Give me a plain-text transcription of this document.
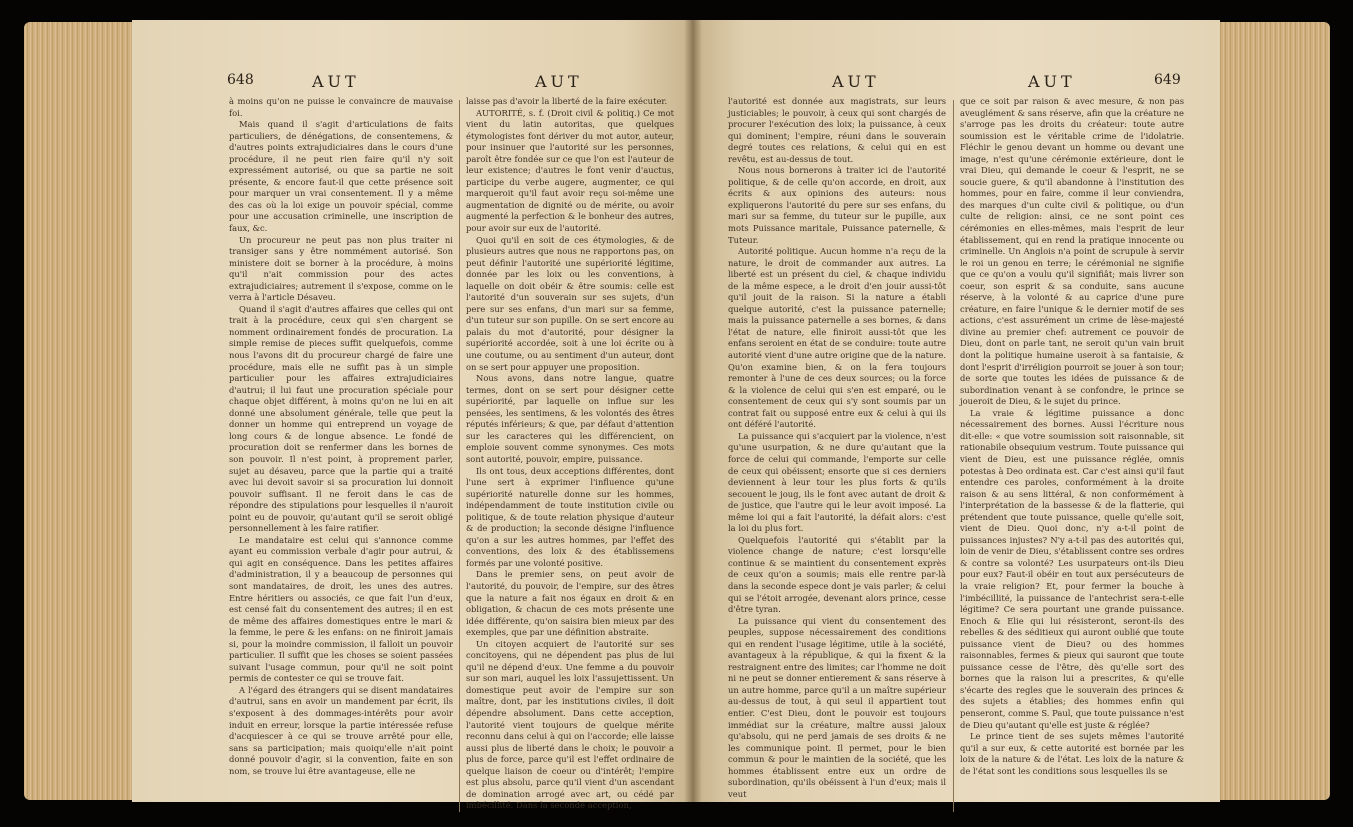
648	AUT	AUT

à moins qu'on ne puisse le convaincre de mauvaise foi.

Mais quand il s'agit d'articulations de faits particuliers, de dénégations, de consentemens, & d'autres points extrajudiciaires dans le cours d'une procédure, il ne peut rien faire qu'il n'y soit expressément autorisé, ou que sa partie ne soit présente, & encore faut-il que cette présence soit pour marquer un vrai consentement. Il y a même des cas où la loi exige un pouvoir spécial, comme pour une accusation criminelle, une inscription de faux, &c.

Un procureur ne peut pas non plus traiter ni transiger sans y être nommément autorisé. Son ministere doit se borner à la procédure, à moins qu'il n'ait commission pour des actes extrajudiciaires; autrement il s'expose, comme on le verra à l'article Désaveu.

Quand il s'agit d'autres affaires que celles qui ont trait à la procédure, ceux qui s'en chargent se nomment ordinairement fondés de procuration. La simple remise de pieces suffit quelquefois, comme nous l'avons dit du procureur chargé de faire une procédure, mais elle ne suffit pas à un simple particulier pour les affaires extrajudiciaires d'autrui; il lui faut une procuration spéciale pour chaque objet différent, à moins qu'on ne lui en ait donné une absolument générale, telle que peut la donner un homme qui entreprend un voyage de long cours & de longue absence. Le fondé de procuration doit se renfermer dans les bornes de son pouvoir. Il n'est point, à proprement parler, sujet au désaveu, parce que la partie qui a traité avec lui devoit savoir si sa procuration lui donnoit pouvoir suffisant. Il ne feroit dans le cas de répondre des stipulations pour lesquelles il n'auroit point eu de pouvoir, qu'autant qu'il se seroit obligé personnellement à les faire ratifier.

Le mandataire est celui qui s'annonce comme ayant eu commission verbale d'agir pour autrui, & qui agit en conséquence. Dans les petites affaires d'administration, il y a beaucoup de personnes qui sont mandataires, de droit, les unes des autres. Entre héritiers ou associés, ce que fait l'un d'eux, est censé fait du consentement des autres; il en est de même des affaires domestiques entre le mari & la femme, le pere & les enfans: on ne finiroit jamais si, pour la moindre commission, il falloit un pouvoir particulier. Il suffit que les choses se soient passées suivant l'usage commun, pour qu'il ne soit point permis de contester ce qui se trouve fait.

A l'égard des étrangers qui se disent mandataires d'autrui, sans en avoir un mandement par écrit, ils s'exposent à des dommages-intérêts pour avoir induit en erreur, lorsque la partie intéressée refuse d'acquiescer à ce qui se trouve arrêté pour elle, sans sa participation; mais quoiqu'elle n'ait point donné pouvoir d'agir, si la convention, faite en son nom, se trouve lui être avantageuse, elle ne

laisse pas d'avoir la liberté de la faire exécuter.

AUTORITÉ, s. f. (Droit civil & politiq.) Ce mot vient du latin autoritas, que quelques étymologistes font dériver du mot autor, auteur, pour insinuer que l'autorité sur les personnes, paroît être fondée sur ce que l'on est l'auteur de leur existence; d'autres le font venir d'auctus, participe du verbe augere, augmenter, ce qui marqueroit qu'il faut avoir reçu soi-même une augmentation de dignité ou de mérite, ou avoir augmenté la perfection & le bonheur des autres, pour avoir sur eux de l'autorité.

Quoi qu'il en soit de ces étymologies, & de plusieurs autres que nous ne rapportons pas, on peut définir l'autorité une supériorité légitime, donnée par les loix ou les conventions, à laquelle on doit obéir & être soumis: celle est l'autorité d'un souverain sur ses sujets, d'un pere sur ses enfans, d'un mari sur sa femme, d'un tuteur sur son pupille. On se sert encore au palais du mot d'autorité, pour désigner la supériorité accordée, soit à une loi écrite ou à une coutume, ou au sentiment d'un auteur, dont on se sert pour appuyer une proposition.

Nous avons, dans notre langue, quatre termes, dont on se sert pour désigner cette supériorité, par laquelle on influe sur les pensées, les sentimens, & les volontés des êtres réputés inférieurs; & que, par défaut d'attention sur les caracteres qui les différencient, on emploie souvent comme synonymes. Ces mots sont autorité, pouvoir, empire, puissance.

Ils ont tous, deux acceptions différentes, dont l'une sert à exprimer l'influence qu'une supériorité naturelle donne sur les hommes, indépendamment de toute institution civile ou politique, & de toute relation physique d'auteur & de production; la seconde désigne l'influence qu'on a sur les autres hommes, par l'effet des conventions, des loix & des établissemens formés par une volonté positive.

Dans le premier sens, on peut avoir de l'autorité, du pouvoir, de l'empire, sur des êtres que la nature a fait nos égaux en droit & en obligation, & chacun de ces mots présente une idée différente, qu'on saisira bien mieux par des exemples, que par une définition abstraite.

Un citoyen acquiert de l'autorité sur ses concitoyens, qui ne dépendent pas plus de lui qu'il ne dépend d'eux. Une femme a du pouvoir sur son mari, auquel les loix l'assujettissent. Un domestique peut avoir de l'empire sur son maître, dont, par les institutions civiles, il doit dépendre absolument. Dans cette acception, l'autorité vient toujours de quelque mérite reconnu dans celui à qui on l'accorde; elle laisse aussi plus de liberté dans le choix; le pouvoir a plus de force, parce qu'il est l'effet ordinaire de quelque liaison de coeur ou d'intérêt; l'empire est plus absolu, parce qu'il vient d'un ascendant de domination arrogé avec art, ou cédé par imbécillité. Dans la seconde acception,

AUT	AUT	649

l'autorité est donnée aux magistrats, sur leurs justiciables; le pouvoir, à ceux qui sont chargés de procurer l'exécution des loix; la puissance, à ceux qui dominent; l'empire, réuni dans le souverain degré toutes ces relations, & celui qui en est revêtu, est au-dessus de tout.

Nous nous bornerons à traiter ici de l'autorité politique, & de celle qu'on accorde, en droit, aux écrits & aux opinions des auteurs: nous expliquerons l'autorité du pere sur ses enfans, du mari sur sa femme, du tuteur sur le pupille, aux mots Puissance maritale, Puissance paternelle, & Tuteur.

Autorité politique. Aucun homme n'a reçu de la nature, le droit de commander aux autres. La liberté est un présent du ciel, & chaque individu de la même espece, a le droit d'en jouir aussi-tôt qu'il jouit de la raison. Si la nature a établi quelque autorité, c'est la puissance paternelle; mais la puissance paternelle a ses bornes, & dans l'état de nature, elle finiroit aussi-tôt que les enfans seroient en état de se conduire: toute autre autorité vient d'une autre origine que de la nature. Qu'on examine bien, & on la fera toujours remonter à l'une de ces deux sources; ou la force & la violence de celui qui s'en est emparé, ou le consentement de ceux qui s'y sont soumis par un contrat fait ou supposé entre eux & celui à qui ils ont déféré l'autorité.

La puissance qui s'acquiert par la violence, n'est qu'une usurpation, & ne dure qu'autant que la force de celui qui commande, l'emporte sur celle de ceux qui obéissent; ensorte que si ces derniers deviennent à leur tour les plus forts & qu'ils secouent le joug, ils le font avec autant de droit & de justice, que l'autre qui le leur avoit imposé. La même loi qui a fait l'autorité, la défait alors: c'est la loi du plus fort.

Quelquefois l'autorité qui s'établit par la violence change de nature; c'est lorsqu'elle continue & se maintient du consentement exprès de ceux qu'on a soumis; mais elle rentre par-là dans la seconde espece dont je vais parler; & celui qui se l'étoit arrogée, devenant alors prince, cesse d'être tyran.

La puissance qui vient du consentement des peuples, suppose nécessairement des conditions qui en rendent l'usage légitime, utile à la société, avantageux à la république, & qui la fixent & la restraignent entre des limites; car l'homme ne doit ni ne peut se donner entierement & sans réserve à un autre homme, parce qu'il a un maître supérieur au-dessus de tout, à qui seul il appartient tout entier. C'est Dieu, dont le pouvoir est toujours immédiat sur la créature, maître aussi jaloux qu'absolu, qui ne perd jamais de ses droits & ne les communique point. Il permet, pour le bien commun & pour le maintien de la société, que les hommes établissent entre eux un ordre de subordination, qu'ils obéissent à l'un d'eux; mais il veut

que ce soit par raison & avec mesure, & non pas aveuglément & sans réserve, afin que la créature ne s'arroge pas les droits du créateur: toute autre soumission est le véritable crime de l'idolatrie. Fléchir le genou devant un homme ou devant une image, n'est qu'une cérémonie extérieure, dont le vrai Dieu, qui demande le coeur & l'esprit, ne se soucie guere, & qu'il abandonne à l'institution des hommes, pour en faire, comme il leur conviendra, des marques d'un culte civil & politique, ou d'un culte de religion: ainsi, ce ne sont point ces cérémonies en elles-mêmes, mais l'esprit de leur établissement, qui en rend la pratique innocente ou criminelle. Un Anglois n'a point de scrupule à servir le roi un genou en terre; le cérémonial ne signifie que ce qu'on a voulu qu'il signifiât; mais livrer son coeur, son esprit & sa conduite, sans aucune réserve, à la volonté & au caprice d'une pure créature, en faire l'unique & le dernier motif de ses actions, c'est assurément un crime de lèse-majesté divine au premier chef: autrement ce pouvoir de Dieu, dont on parle tant, ne seroit qu'un vain bruit dont la politique humaine useroit à sa fantaisie, & dont l'esprit d'irréligion pourroit se jouer à son tour; de sorte que toutes les idées de puissance & de subordination venant à se confondre, le prince se joueroit de Dieu, & le sujet du prince.

La vraie & légitime puissance a donc nécessairement des bornes. Aussi l'écriture nous dit-elle: « que votre soumission soit raisonnable, sit rationabile obsequium vestrum. Toute puissance qui vient de Dieu, est une puissance réglée, omnis potestas à Deo ordinata est. Car c'est ainsi qu'il faut entendre ces paroles, conformément à la droite raison & au sens littéral, & non conformément à l'interprétation de la bassesse & de la flatterie, qui prétendent que toute puissance, quelle qu'elle soit, vient de Dieu. Quoi donc, n'y a-t-il point de puissances injustes? N'y a-t-il pas des autorités qui, loin de venir de Dieu, s'établissent contre ses ordres & contre sa volonté? Les usurpateurs ont-ils Dieu pour eux? Faut-il obéir en tout aux persécuteurs de la vraie religion? Et, pour fermer la bouche à l'imbécillité, la puissance de l'antechrist sera-t-elle légitime? Ce sera pourtant une grande puissance. Enoch & Elie qui lui résisteront, seront-ils des rebelles & des séditieux qui auront oublié que toute puissance vient de Dieu? ou des hommes raisonnables, fermes & pieux qui sauront que toute puissance cesse de l'être, dès qu'elle sort des bornes que la raison lui a prescrites, & qu'elle s'écarte des regles que le souverain des princes & des sujets a établies; des hommes enfin qui penseront, comme S. Paul, que toute puissance n'est de Dieu qu'autant qu'elle est juste & réglée?

Le prince tient de ses sujets mêmes l'autorité qu'il a sur eux, & cette autorité est bornée par les loix de la nature & de l'état. Les loix de la nature & de l'état sont les conditions sous lesquelles ils se
